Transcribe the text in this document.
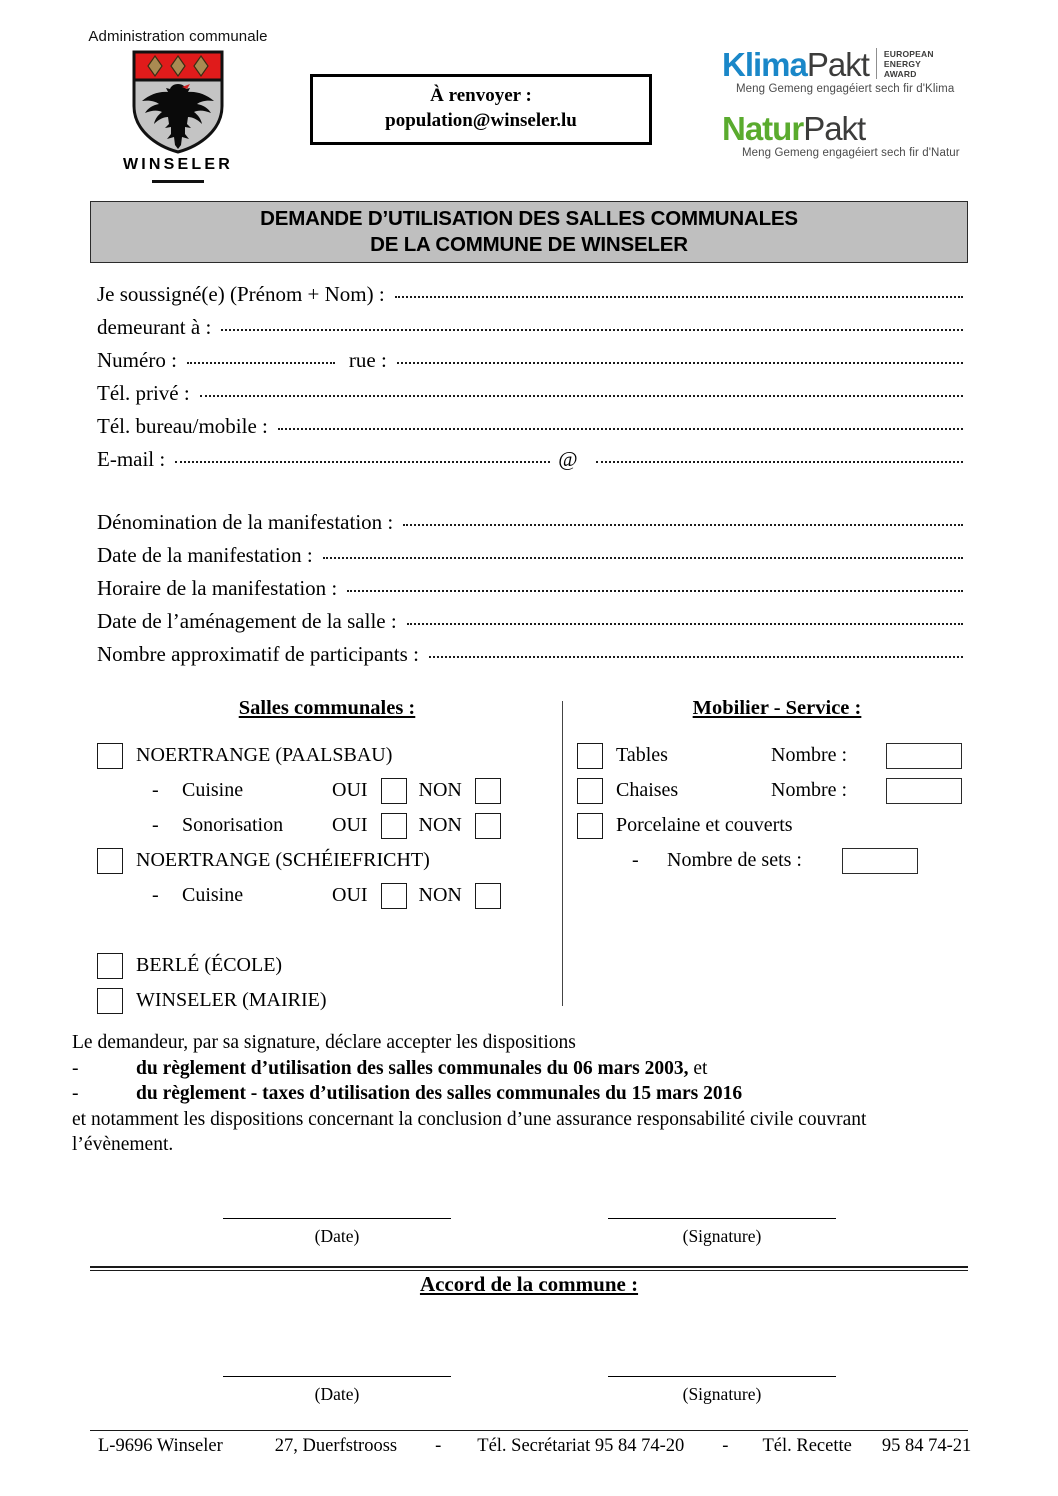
Administration communale
WINSELER
À renvoyer :
population@winseler.lu
KlimaPakt EUROPEAN
ENERGY
AWARD
Meng Gemeng engagéiert sech fir d'Klima
NaturPakt
Meng Gemeng engagéiert sech fir d'Natur
DEMANDE D’UTILISATION DES SALLES COMMUNALES
DE LA COMMUNE DE WINSELER
Je soussigné(e) (Prénom + Nom) :
demeurant à :
Numéro :	rue :
Tél. privé :
Tél. bureau/mobile :
E-mail :	@
Dénomination de la manifestation :
Date de la manifestation :
Horaire de la manifestation :
Date de l’aménagement de la salle :
Nombre approximatif de participants :
Salles communales :
NOERTRANGE (PAALSBAU)
-	Cuisine	OUI	NON
-	Sonorisation	OUI	NON
NOERTRANGE (SCHÉIEFRICHT)
-	Cuisine	OUI	NON
BERLÉ (ÉCOLE)
WINSELER (MAIRIE)
Mobilier - Service :
Tables	Nombre :
Chaises	Nombre :
Porcelaine et couverts
-	Nombre de sets :
Le demandeur, par sa signature, déclare accepter les dispositions
-	du règlement d’utilisation des salles communales du 06 mars 2003, et
-	du règlement - taxes d’utilisation des salles communales du 15 mars 2016
et notamment les dispositions concernant la conclusion d’une assurance responsabilité civile couvrant l’évènement.
(Date)	(Signature)
Accord de la commune :
(Date)	(Signature)
L-9696 Winseler	27, Duerfstrooss - Tél. Secrétariat 95 84 74-20 - Tél. Recette 95 84 74-21
